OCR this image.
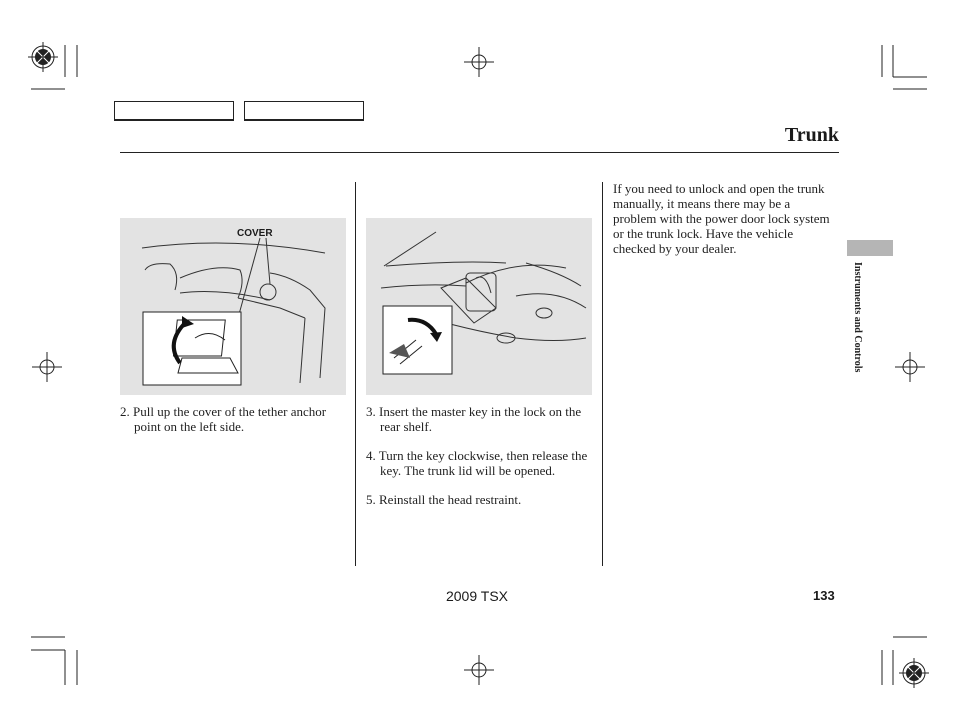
Trunk
COVER

2. Pull up the cover of the tether anchor point on the left side.

3. Insert the master key in the lock on the rear shelf.

4. Turn the key clockwise, then release the key. The trunk lid will be opened.

5. Reinstall the head restraint.

If you need to unlock and open the trunk manually, it means there may be a problem with the power door lock system or the trunk lock. Have the vehicle checked by your dealer.
Instruments and Controls
2009 TSX	133
